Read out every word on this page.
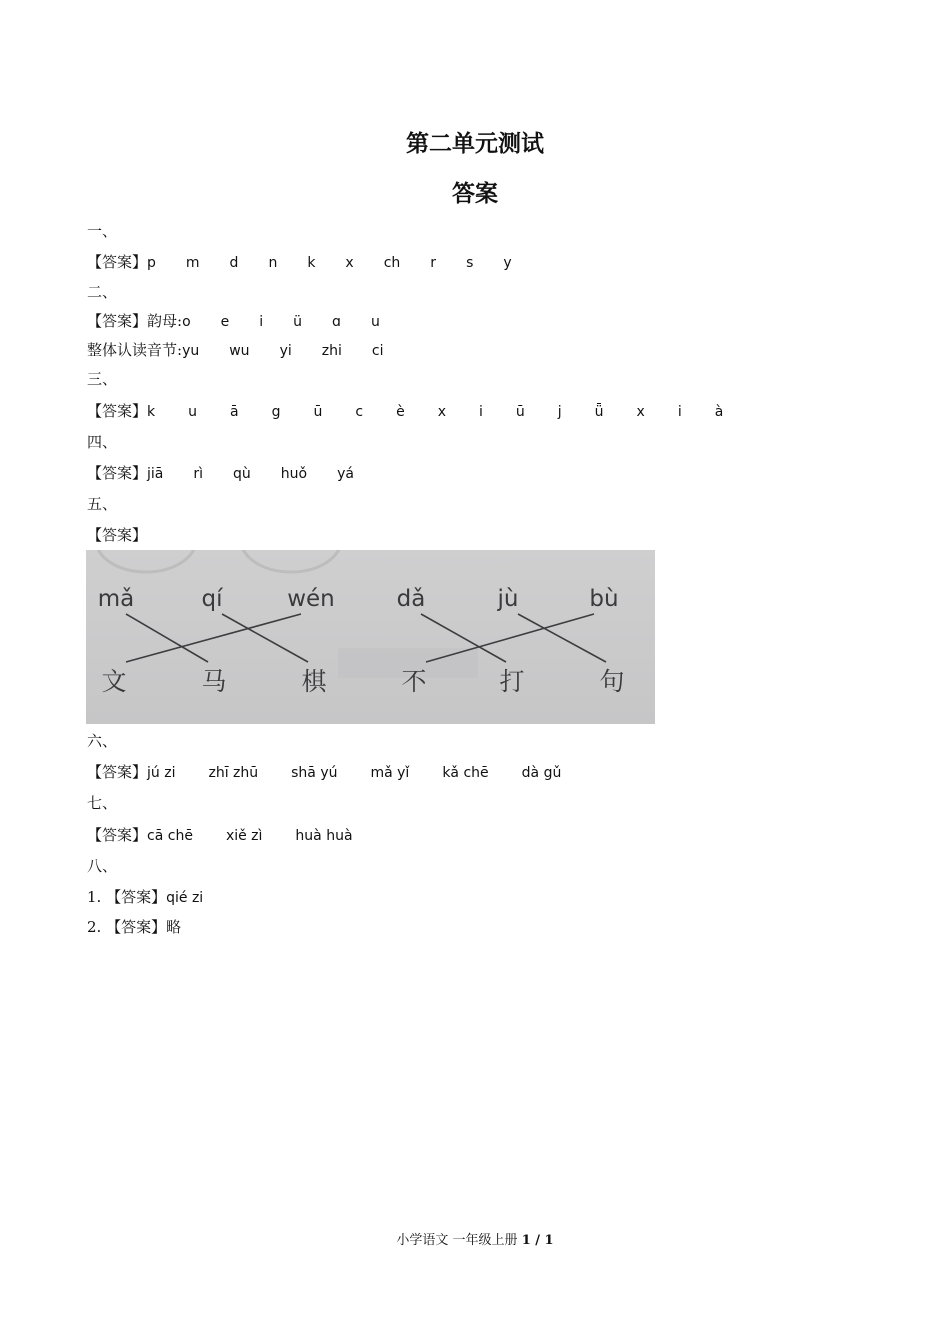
第二单元测试
答案
一、
【答案】p m d n k x ch r s y
二、
【答案】韵母:o e i ü ɑ u
整体认读音节:yu wu yi zhi ci
三、
【答案】k u ā g ū c è x i ū j ǖ x i à
四、
【答案】jiā rì qù huǒ yá
五、
【答案】
mǎ	qí	wén	dǎ	jù	bù
文	马	棋	不	打	句
六、
【答案】jú zi zhī zhū shā yú mǎ yǐ kǎ chē dà gǔ
七、
【答案】cā chē xiě zì huà huà
八、
1. 【答案】qié zi
2. 【答案】略
小学语文 一年级上册 1 / 1
